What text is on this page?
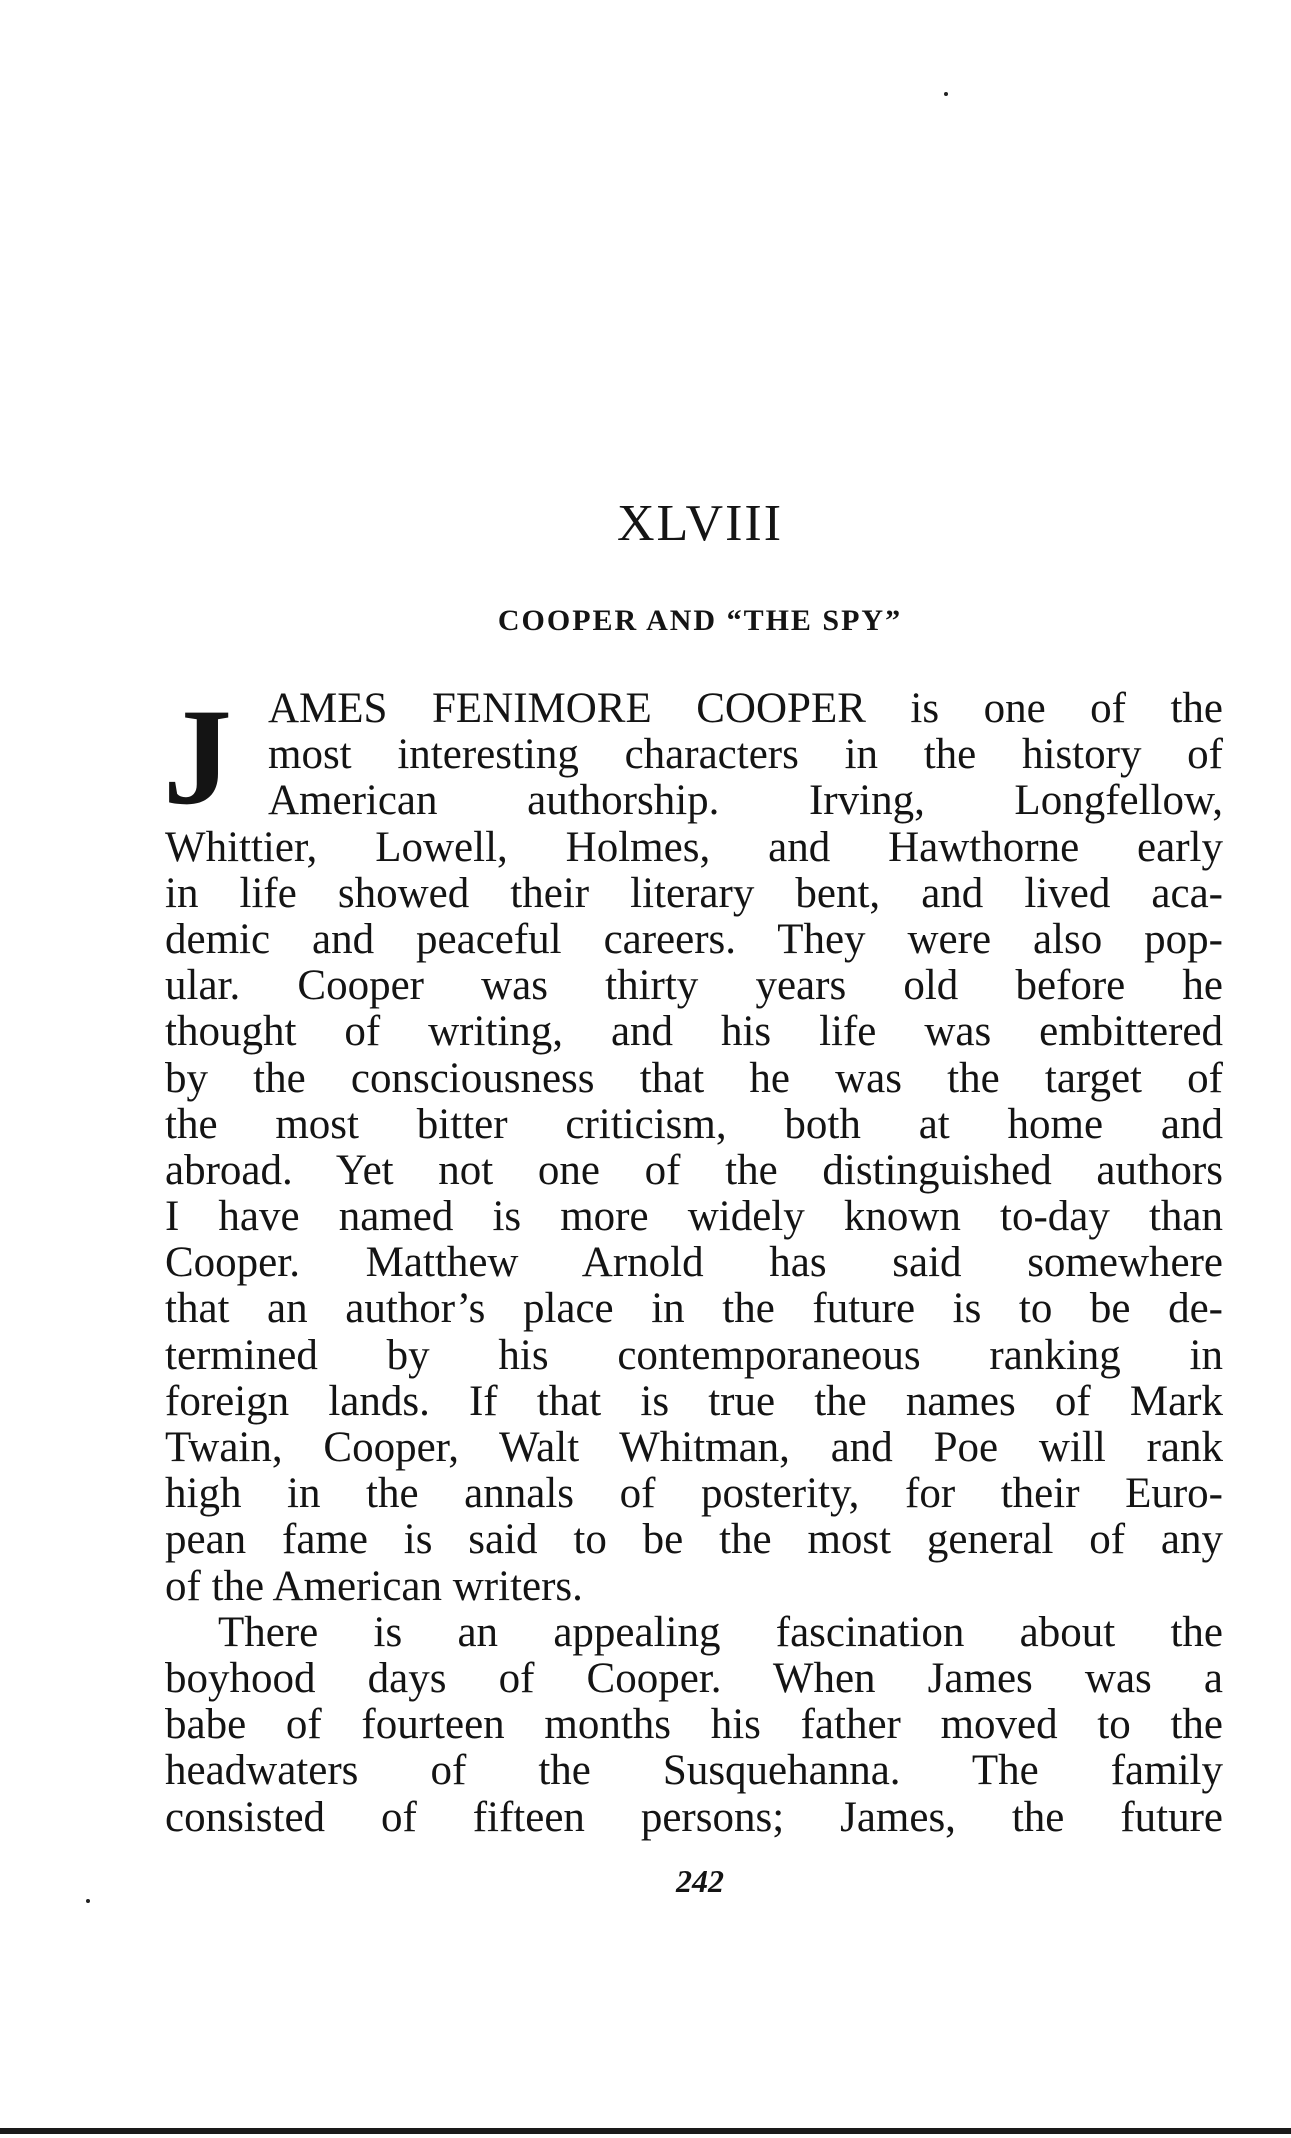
XLVIII
COOPER AND “THE SPY”
J AMES FENIMORE COOPER is one of the
most interesting characters in the history of
American authorship. Irving, Longfellow,
Whittier, Lowell, Holmes, and Hawthorne early
in life showed their literary bent, and lived aca-
demic and peaceful careers. They were also pop-
ular. Cooper was thirty years old before he
thought of writing, and his life was embittered
by the consciousness that he was the target of
the most bitter criticism, both at home and
abroad. Yet not one of the distinguished authors
I have named is more widely known to-day than
Cooper. Matthew Arnold has said somewhere
that an author’s place in the future is to be de-
termined by his contemporaneous ranking in
foreign lands. If that is true the names of Mark
Twain, Cooper, Walt Whitman, and Poe will rank
high in the annals of posterity, for their Euro-
pean fame is said to be the most general of any
of the American writers.
There is an appealing fascination about the
boyhood days of Cooper. When James was a
babe of fourteen months his father moved to the
headwaters of the Susquehanna. The family
consisted of fifteen persons; James, the future
242
